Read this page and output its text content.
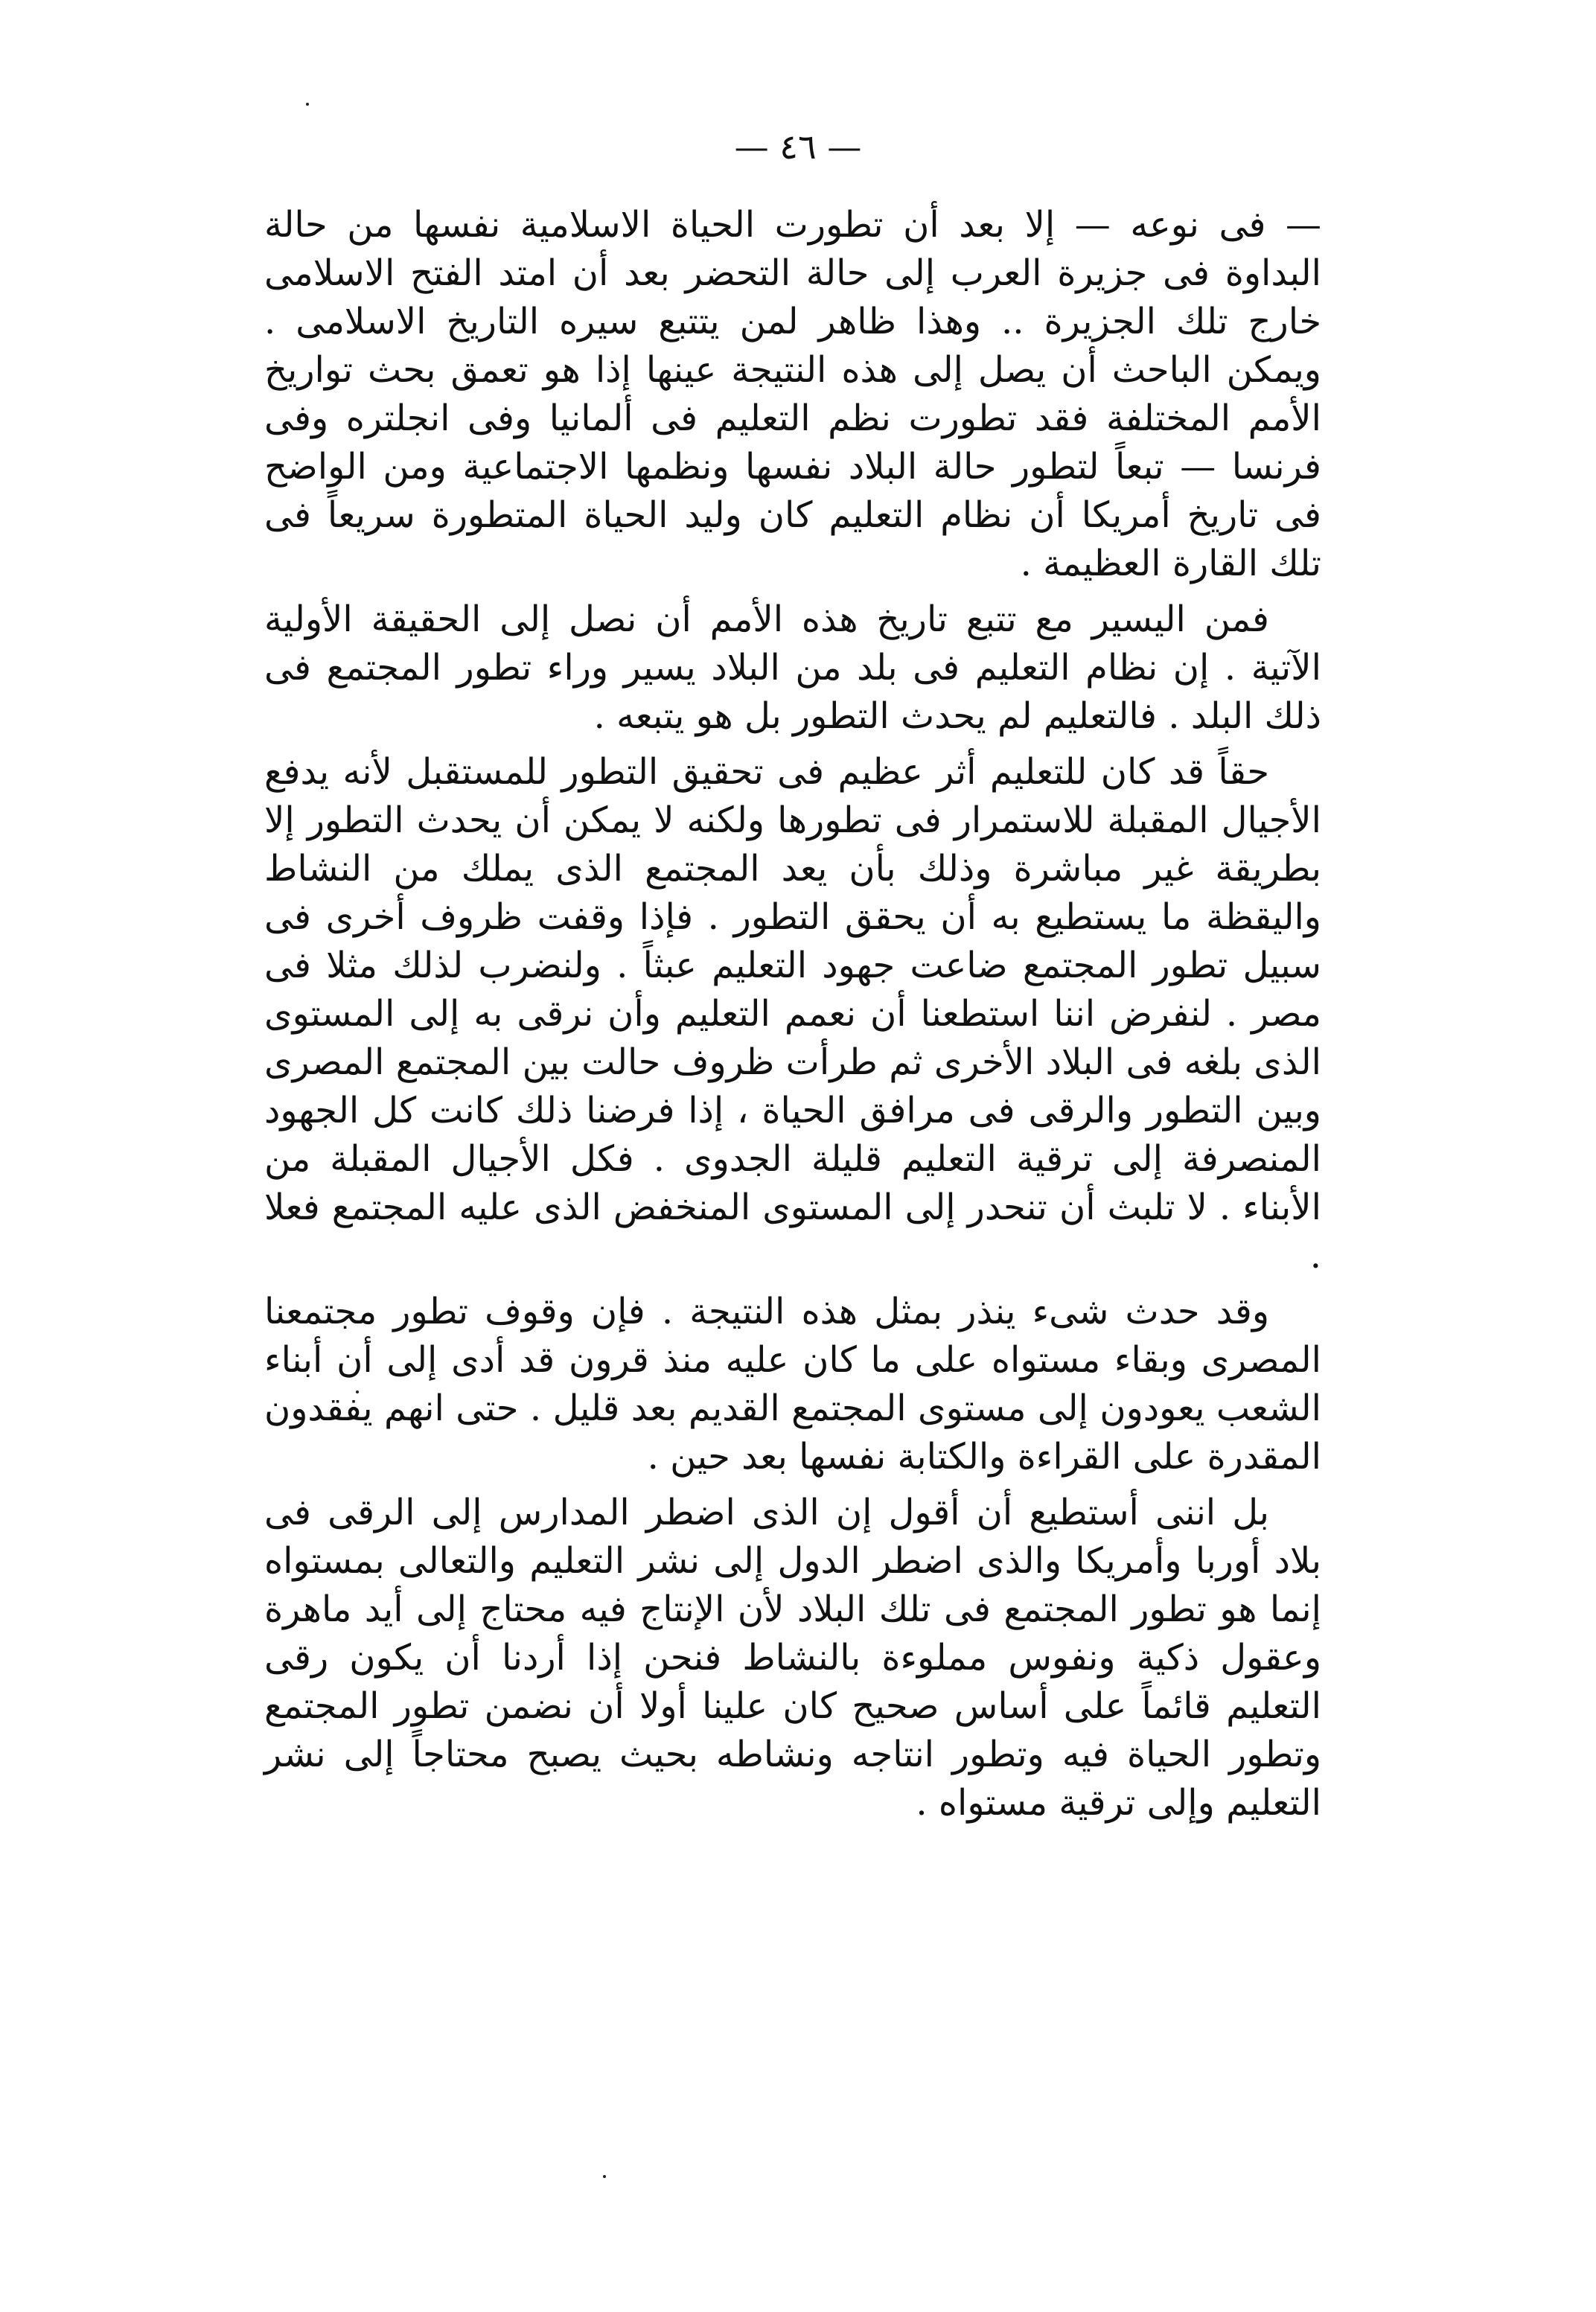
— ٤٦ —

— فى نوعه — إلا بعد أن تطورت الحياة الاسلامية نفسها من حالة البداوة فى جزيرة العرب إلى حالة التحضر بعد أن امتد الفتح الاسلامى خارج تلك الجزيرة .. وهذا ظاهر لمن يتتبع سيره التاريخ الاسلامى . ويمكن الباحث أن يصل إلى هذه النتيجة عينها إذا هو تعمق بحث تواريخ الأمم المختلفة فقد تطورت نظم التعليم فى ألمانيا وفى انجلتره وفى فرنسا — تبعاً لتطور حالة البلاد نفسها ونظمها الاجتماعية ومن الواضح فى تاريخ أمريكا أن نظام التعليم كان وليد الحياة المتطورة سريعاً فى تلك القارة العظيمة .

فمن اليسير مع تتبع تاريخ هذه الأمم أن نصل إلى الحقيقة الأولية الآتية . إن نظام التعليم فى بلد من البلاد يسير وراء تطور المجتمع فى ذلك البلد . فالتعليم لم يحدث التطور بل هو يتبعه .

حقاً قد كان للتعليم أثر عظيم فى تحقيق التطور للمستقبل لأنه يدفع الأجيال المقبلة للاستمرار فى تطورها ولكنه لا يمكن أن يحدث التطور إلا بطريقة غير مباشرة وذلك بأن يعد المجتمع الذى يملك من النشاط واليقظة ما يستطيع به أن يحقق التطور . فإذا وقفت ظروف أخرى فى سبيل تطور المجتمع ضاعت جهود التعليم عبثاً . ولنضرب لذلك مثلا فى مصر . لنفرض اننا استطعنا أن نعمم التعليم وأن نرقى به إلى المستوى الذى بلغه فى البلاد الأخرى ثم طرأت ظروف حالت بين المجتمع المصرى وبين التطور والرقى فى مرافق الحياة ، إذا فرضنا ذلك كانت كل الجهود المنصرفة إلى ترقية التعليم قليلة الجدوى . فكل الأجيال المقبلة من الأبناء . لا تلبث أن تنحدر إلى المستوى المنخفض الذى عليه المجتمع فعلا .

وقد حدث شىء ينذر بمثل هذه النتيجة . فإن وقوف تطور مجتمعنا المصرى وبقاء مستواه على ما كان عليه منذ قرون قد أدى إلى أن أبناء الشعب يعودون إلى مستوى المجتمع القديم بعد قليل . حتى انهم يفقدون المقدرة على القراءة والكتابة نفسها بعد حين .

بل اننى أستطيع أن أقول إن الذى اضطر المدارس إلى الرقى فى بلاد أوربا وأمريكا والذى اضطر الدول إلى نشر التعليم والتعالى بمستواه إنما هو تطور المجتمع فى تلك البلاد لأن الإنتاج فيه محتاج إلى أيد ماهرة وعقول ذكية ونفوس مملوءة بالنشاط فنحن إذا أردنا أن يكون رقى التعليم قائماً على أساس صحيح كان علينا أولا أن نضمن تطور المجتمع وتطور الحياة فيه وتطور انتاجه ونشاطه بحيث يصبح محتاجاً إلى نشر التعليم وإلى ترقية مستواه .
